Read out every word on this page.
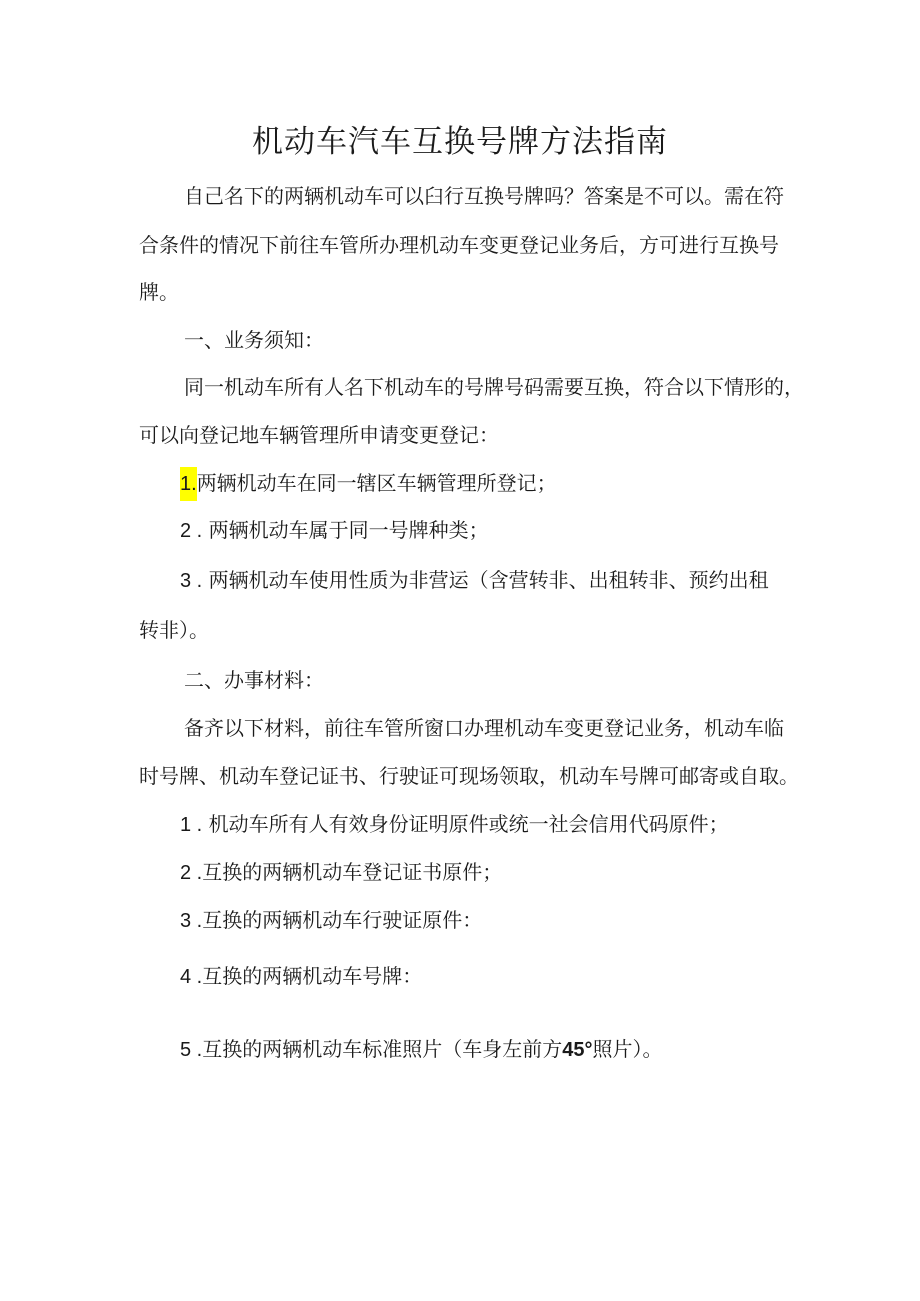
机动车汽车互换号牌方法指南
自己名下的两辆机动车可以臼行互换号牌吗？答案是不可以。需在符
合条件的情况下前往车管所办理机动车变更登记业务后，方可进行互换号
牌。
一、业务须知：
同一机动车所有人名下机动车的号牌号码需要互换，符合以下情形的，
可以向登记地车辆管理所申请变更登记：
1.两辆机动车在同一辖区车辆管理所登记；
2 . 两辆机动车属于同一号牌种类；
3 . 两辆机动车使用性质为非营运（含营转非、出租转非、预约出租
转非）。
二、办事材料：
备齐以下材料，前往车管所窗口办理机动车变更登记业务，机动车临
时号牌、机动车登记证书、行驶证可现场领取，机动车号牌可邮寄或自取。
1 . 机动车所有人有效身份证明原件或统一社会信用代码原件；
2 .互换的两辆机动车登记证书原件；
3 .互换的两辆机动车行驶证原件：
4 .互换的两辆机动车号牌：
5 .互换的两辆机动车标准照片（车身左前方45°照片）。
